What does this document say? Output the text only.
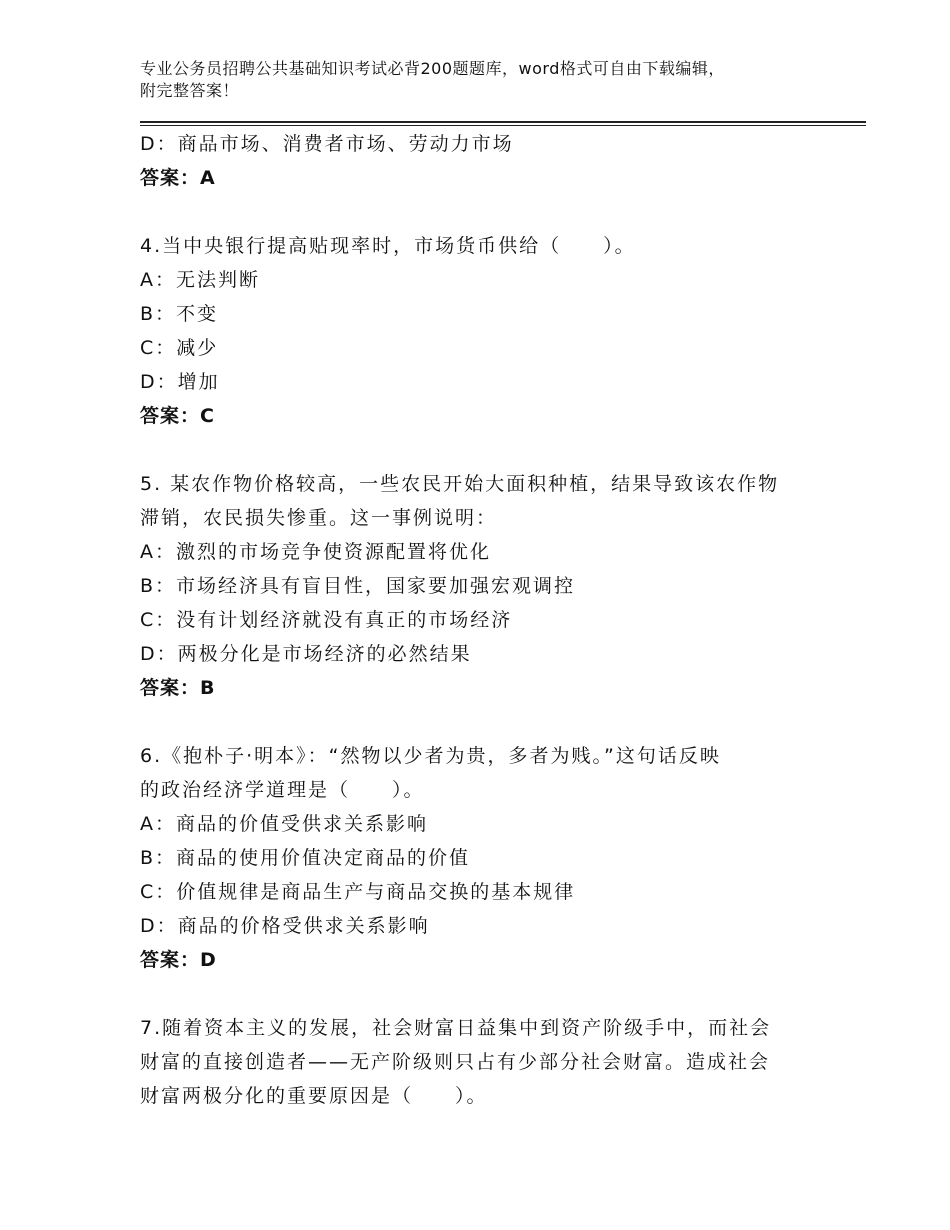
专业公务员招聘公共基础知识考试必背200题题库，word格式可自由下载编辑，
附完整答案！
D：商品市场、消费者市场、劳动力市场
答案：A
4.当中央银行提高贴现率时，市场货币供给（　　）。
A：无法判断
B：不变
C：减少
D：增加
答案：C
5. 某农作物价格较高，一些农民开始大面积种植，结果导致该农作物
滞销，农民损失惨重。这一事例说明：
A：激烈的市场竞争使资源配置将优化
B：市场经济具有盲目性，国家要加强宏观调控
C：没有计划经济就没有真正的市场经济
D：两极分化是市场经济的必然结果
答案：B
6.《抱朴子·明本》：“然物以少者为贵，多者为贱。”这句话反映
的政治经济学道理是（　　）。
A：商品的价值受供求关系影响
B：商品的使用价值决定商品的价值
C：价值规律是商品生产与商品交换的基本规律
D：商品的价格受供求关系影响
答案：D
7.随着资本主义的发展，社会财富日益集中到资产阶级手中，而社会
财富的直接创造者——无产阶级则只占有少部分社会财富。造成社会
财富两极分化的重要原因是（　　）。
